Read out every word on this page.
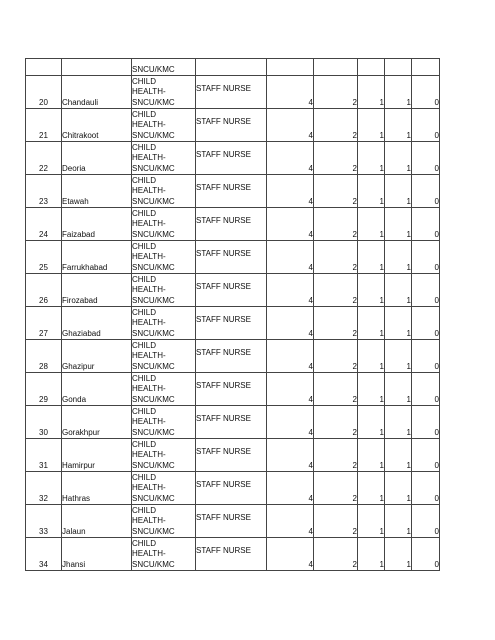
		SNCU/KMC						
20	Chandauli	CHILD
HEALTH-
SNCU/KMC	STAFF NURSE	4	2	1	1	0
21	Chitrakoot	CHILD
HEALTH-
SNCU/KMC	STAFF NURSE	4	2	1	1	0
22	Deoria	CHILD
HEALTH-
SNCU/KMC	STAFF NURSE	4	2	1	1	0
23	Etawah	CHILD
HEALTH-
SNCU/KMC	STAFF NURSE	4	2	1	1	0
24	Faizabad	CHILD
HEALTH-
SNCU/KMC	STAFF NURSE	4	2	1	1	0
25	Farrukhabad	CHILD
HEALTH-
SNCU/KMC	STAFF NURSE	4	2	1	1	0
26	Firozabad	CHILD
HEALTH-
SNCU/KMC	STAFF NURSE	4	2	1	1	0
27	Ghaziabad	CHILD
HEALTH-
SNCU/KMC	STAFF NURSE	4	2	1	1	0
28	Ghazipur	CHILD
HEALTH-
SNCU/KMC	STAFF NURSE	4	2	1	1	0
29	Gonda	CHILD
HEALTH-
SNCU/KMC	STAFF NURSE	4	2	1	1	0
30	Gorakhpur	CHILD
HEALTH-
SNCU/KMC	STAFF NURSE	4	2	1	1	0
31	Hamirpur	CHILD
HEALTH-
SNCU/KMC	STAFF NURSE	4	2	1	1	0
32	Hathras	CHILD
HEALTH-
SNCU/KMC	STAFF NURSE	4	2	1	1	0
33	Jalaun	CHILD
HEALTH-
SNCU/KMC	STAFF NURSE	4	2	1	1	0
34	Jhansi	CHILD
HEALTH-
SNCU/KMC	STAFF NURSE	4	2	1	1	0
